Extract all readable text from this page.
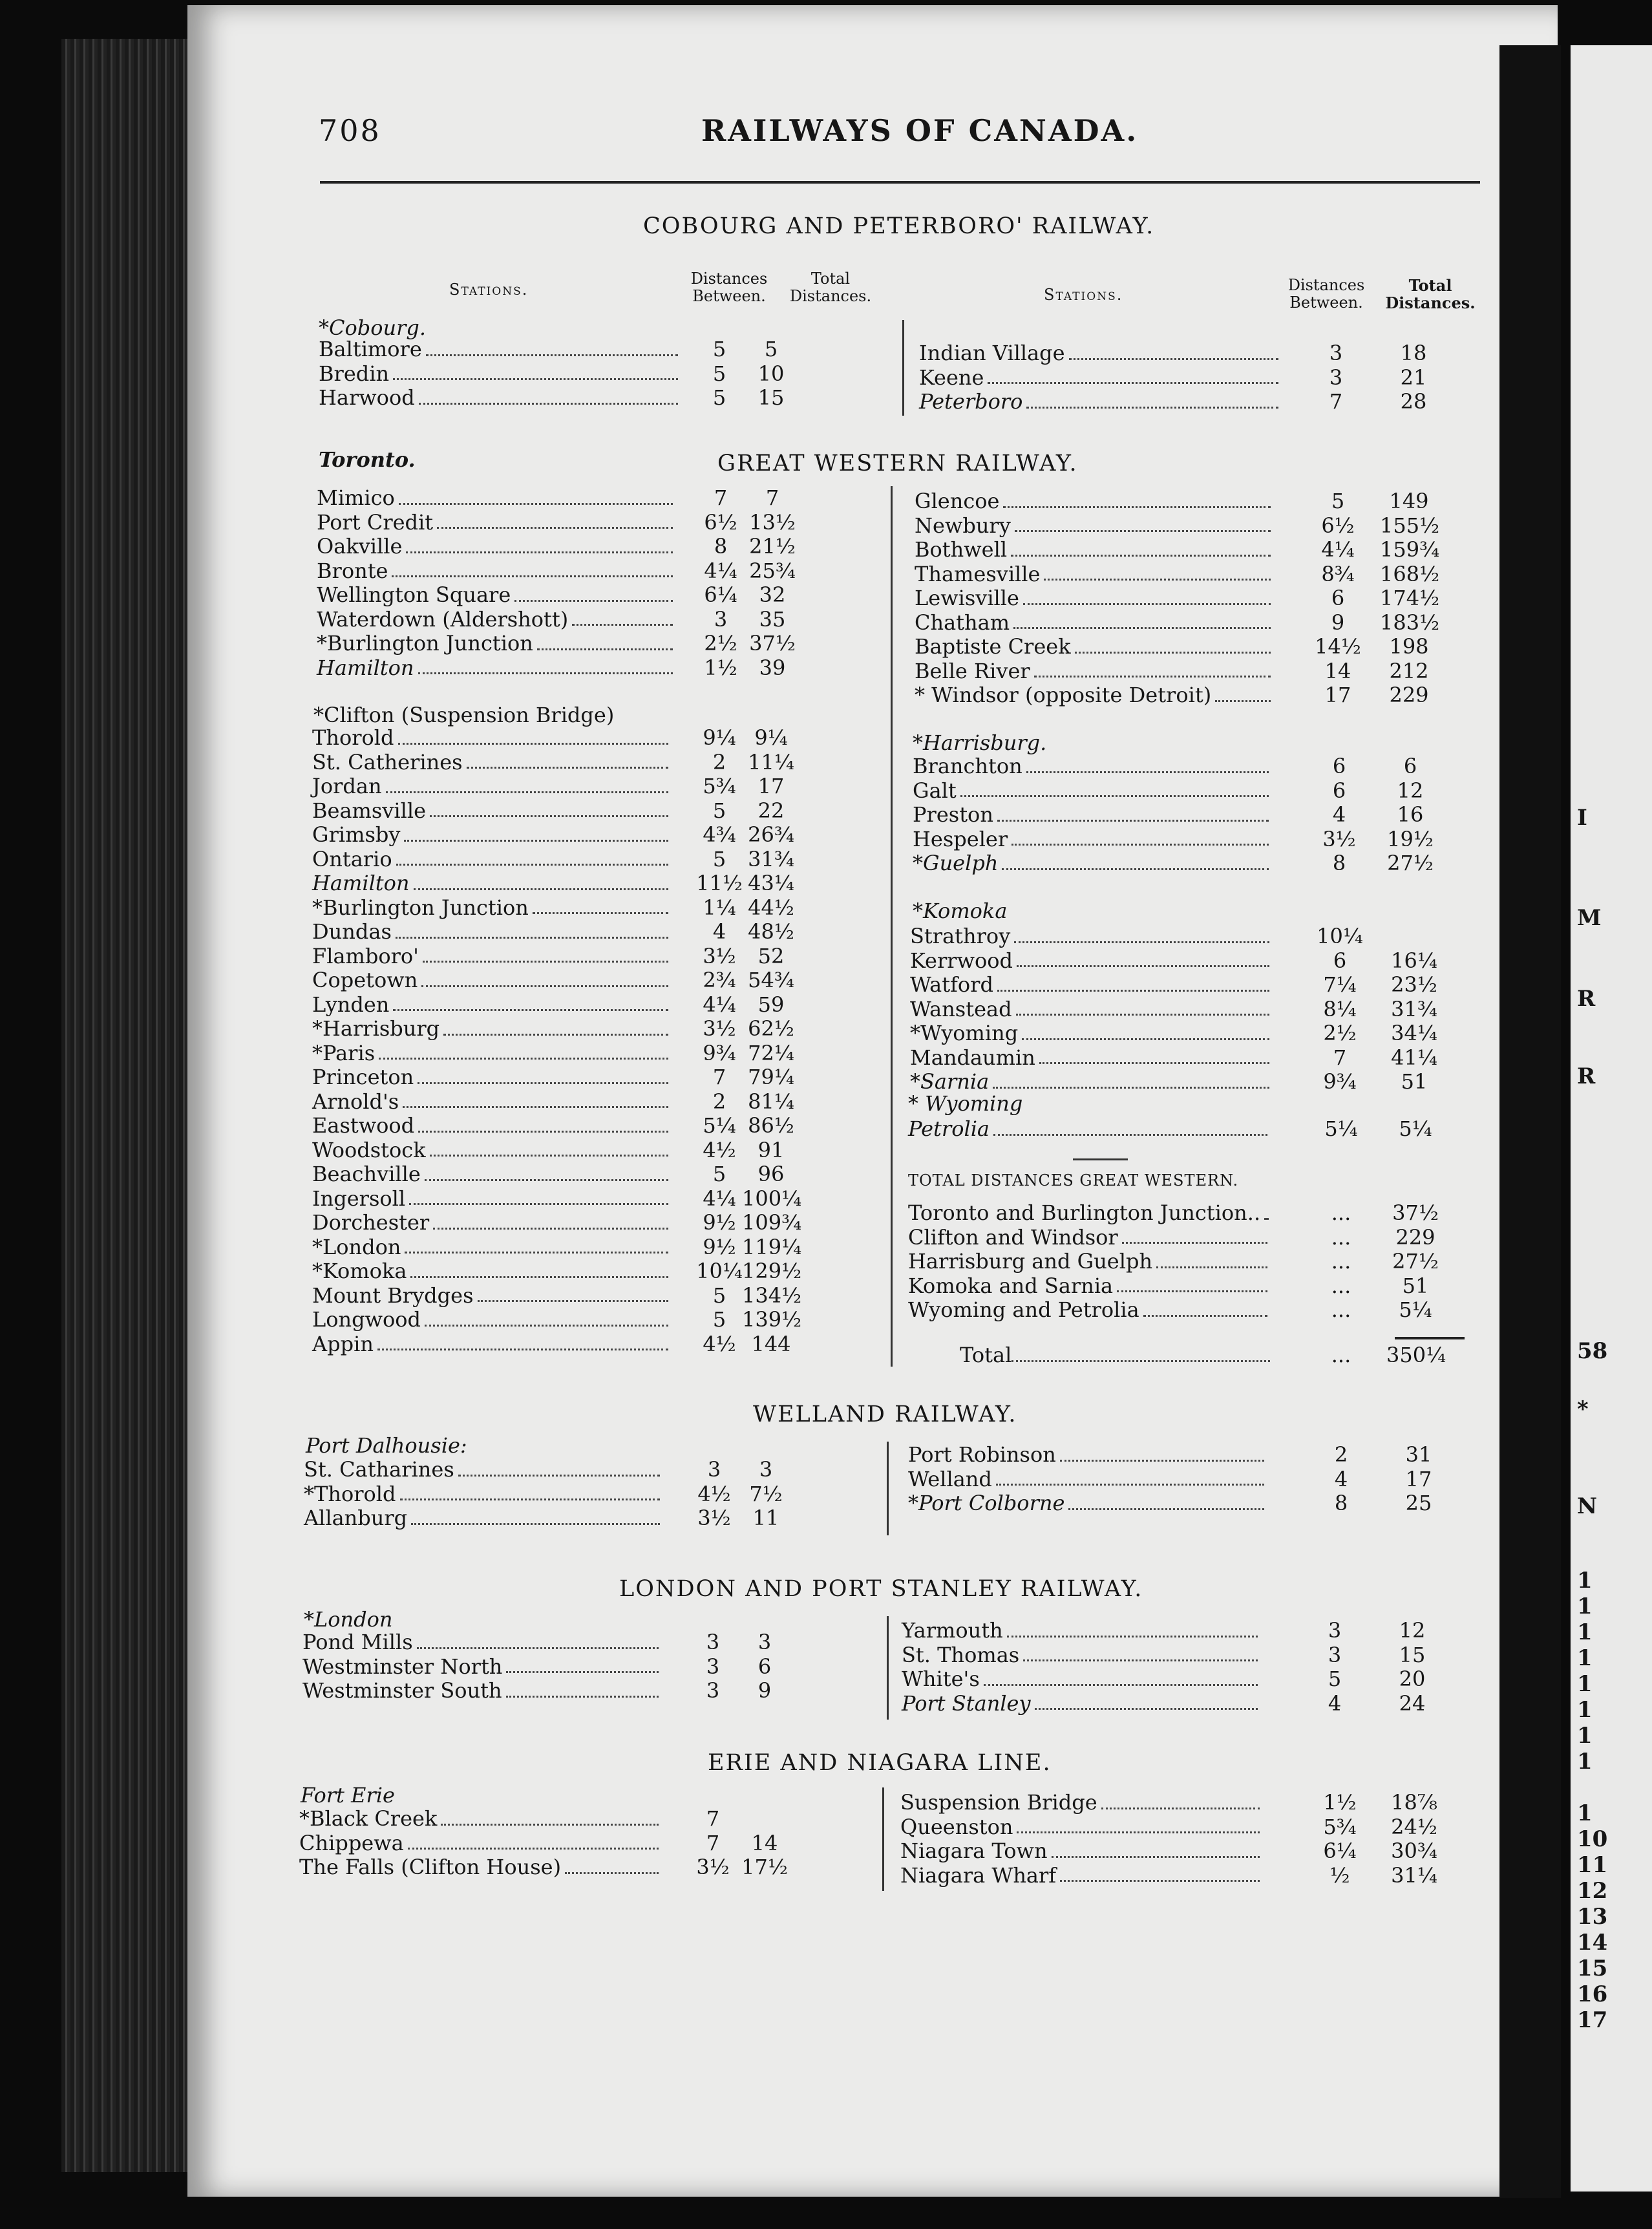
I
M
R
R
58
*
N
1
1
1
1
1
1
1
1
1
10
11
12
13
14
15
16
17
708	RAILWAYS OF CANADA.
COBOURG AND PETERBORO' RAILWAY.
Stations.
Distances Between.
Total Distances.	Stations.
Distances Between.
Total Distances.
*Cobourg.
Baltimore	5	5
Bredin	5	10
Harwood	5	15
Indian Village	3	18
Keene	3	21
Peterboro	7	28
Toronto.	GREAT WESTERN RAILWAY.
Mimico	7	7
Port Credit	6½ 13½
Oakville	8	21½
Bronte	4¼ 25¾
Wellington Square	6¼	32
Waterdown (Aldershott)	3	35
*Burlington Junction	2½ 37½
Hamilton	1½	39
*Clifton (Suspension Bridge)
Thorold	9¼ 9¼
St. Catherines	2	11¼
Jordan	5¾	17
Beamsville	5	22
Grimsby	4¾ 26¾
Ontario	5	31¾
Hamilton	11½ 43¼
*Burlington Junction	1¼ 44½
Dundas	4	48½
Flamboro'	3½	52
Copetown	2¾ 54¾
Lynden	4¼	59
*Harrisburg	3½ 62½
*Paris	9¾ 72¼
Princeton	7	79¼
Arnold's	2	81¼
Eastwood	5¼ 86½
Woodstock	4½	91
Beachville	5	96
Ingersoll	4¼ 100¼
Dorchester	9½ 109¾
*London	9½ 119¼
*Komoka	10¼ 129½
Mount Brydges	5 134½
Longwood	5 139½
Appin	4½ 144
Glencoe	5	149
Newbury	6½	155½
Bothwell	4¼	159¾
Thamesville	8¾	168½
Lewisville	6	174½
Chatham	9	183½
Baptiste Creek	14½	198
Belle River	14	212
* Windsor (opposite Detroit)	17	229
*Harrisburg.
Branchton	6	6
Galt	6	12
Preston	4	16
Hespeler	3½	19½
*Guelph	8	27½
*Komoka
Strathroy	10¼
Kerrwood	6	16¼
Watford	7¼	23½
Wanstead	8¼	31¾
*Wyoming	2½	34¼
Mandaumin	7	41¼
*Sarnia	9¾	51
* Wyoming
Petrolia	5¼	5¼
TOTAL DISTANCES GREAT WESTERN.
Toronto and Burlington Junction..	...	37½
Clifton and Windsor	...	229
Harrisburg and Guelph	...	27½
Komoka and Sarnia	...	51
Wyoming and Petrolia	...	5¼
Total	...	350¼
WELLAND RAILWAY.
Port Dalhousie:
St. Catharines	3	3
*Thorold	4½ 7½
Allanburg	3½	11
Port Robinson	2	31
Welland	4	17
*Port Colborne	8	25
LONDON AND PORT STANLEY RAILWAY.
*London
Pond Mills	3	3
Westminster North	3	6
Westminster South	3	9
Yarmouth	3	12
St. Thomas	3	15
White's	5	20
Port Stanley	4	24
ERIE AND NIAGARA LINE.
Fort Erie
*Black Creek	7
Chippewa	7	14
The Falls (Clifton House)	3½ 17½
Suspension Bridge	1½	18⅞
Queenston	5¾	24½
Niagara Town	6¼	30¾
Niagara Wharf	½	31¼
